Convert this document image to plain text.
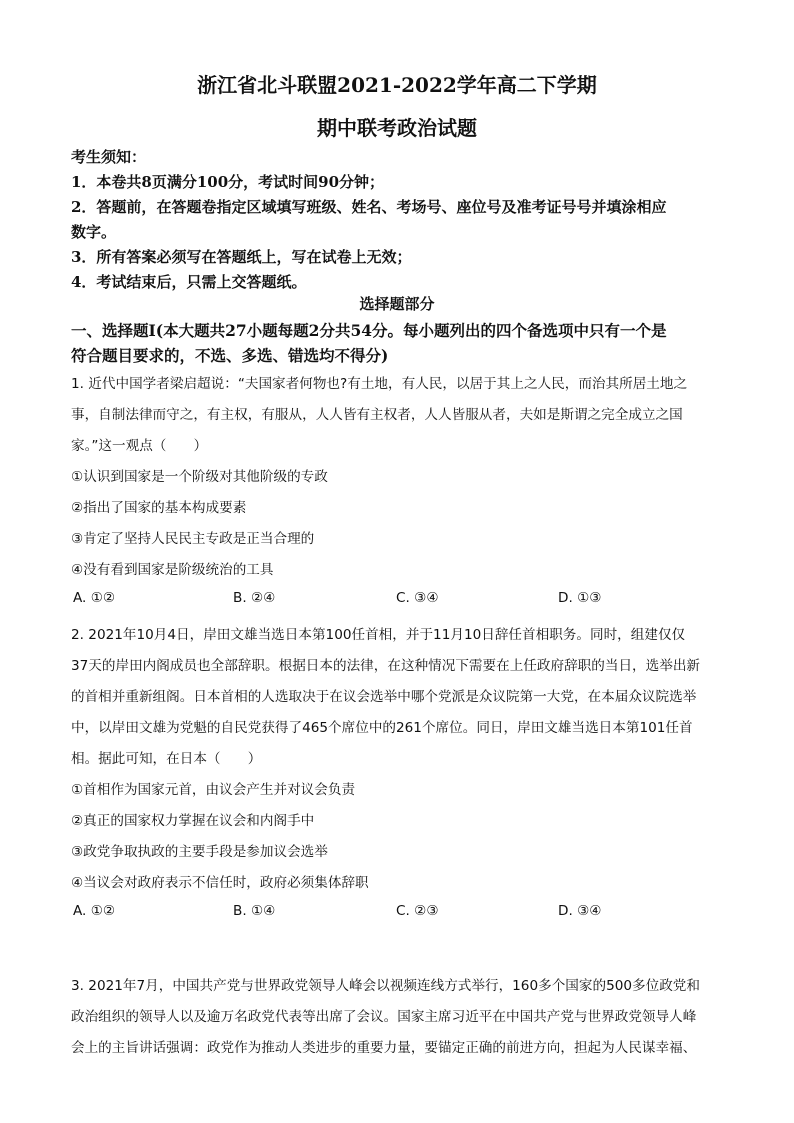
浙江省北斗联盟2021-2022学年高二下学期
期中联考政治试题
考生须知：
1．本卷共8页满分100分，考试时间90分钟；
2．答题前，在答题卷指定区域填写班级、姓名、考场号、座位号及准考证号号并填涂相应
数字。
3．所有答案必须写在答题纸上，写在试卷上无效；
4．考试结束后，只需上交答题纸。
选择题部分
一、选择题Ⅰ(本大题共27小题每题2分共54分。每小题列出的四个备选项中只有一个是
符合题目要求的，不选、多选、错选均不得分)
1. 近代中国学者梁启超说：“夫国家者何物也?有土地，有人民，以居于其上之人民，而治其所居土地之
事，自制法律而守之，有主权，有服从，人人皆有主权者，人人皆服从者，夫如是斯谓之完全成立之国
家。”这一观点（　　）
①认识到国家是一个阶级对其他阶级的专政
②指出了国家的基本构成要素
③肯定了坚持人民民主专政是正当合理的
④没有看到国家是阶级统治的工具
A. ①②	B. ②④	C. ③④	D. ①③
2. 2021年10月4日，岸田文雄当选日本第100任首相，并于11月10日辞任首相职务。同时，组建仅仅
37天的岸田内阁成员也全部辞职。根据日本的法律，在这种情况下需要在上任政府辞职的当日，选举出新
的首相并重新组阁。日本首相的人选取决于在议会选举中哪个党派是众议院第一大党，在本届众议院选举
中，以岸田文雄为党魁的自民党获得了465个席位中的261个席位。同日，岸田文雄当选日本第101任首
相。据此可知，在日本（　　）
①首相作为国家元首，由议会产生并对议会负责
②真正的国家权力掌握在议会和内阁手中
③政党争取执政的主要手段是参加议会选举
④当议会对政府表示不信任时，政府必须集体辞职
A. ①②	B. ①④	C. ②③	D. ③④
3. 2021年7月，中国共产党与世界政党领导人峰会以视频连线方式举行，160多个国家的500多位政党和
政治组织的领导人以及逾万名政党代表等出席了会议。国家主席习近平在中国共产党与世界政党领导人峰
会上的主旨讲话强调：政党作为推动人类进步的重要力量，要锚定正确的前进方向，担起为人民谋幸福、
